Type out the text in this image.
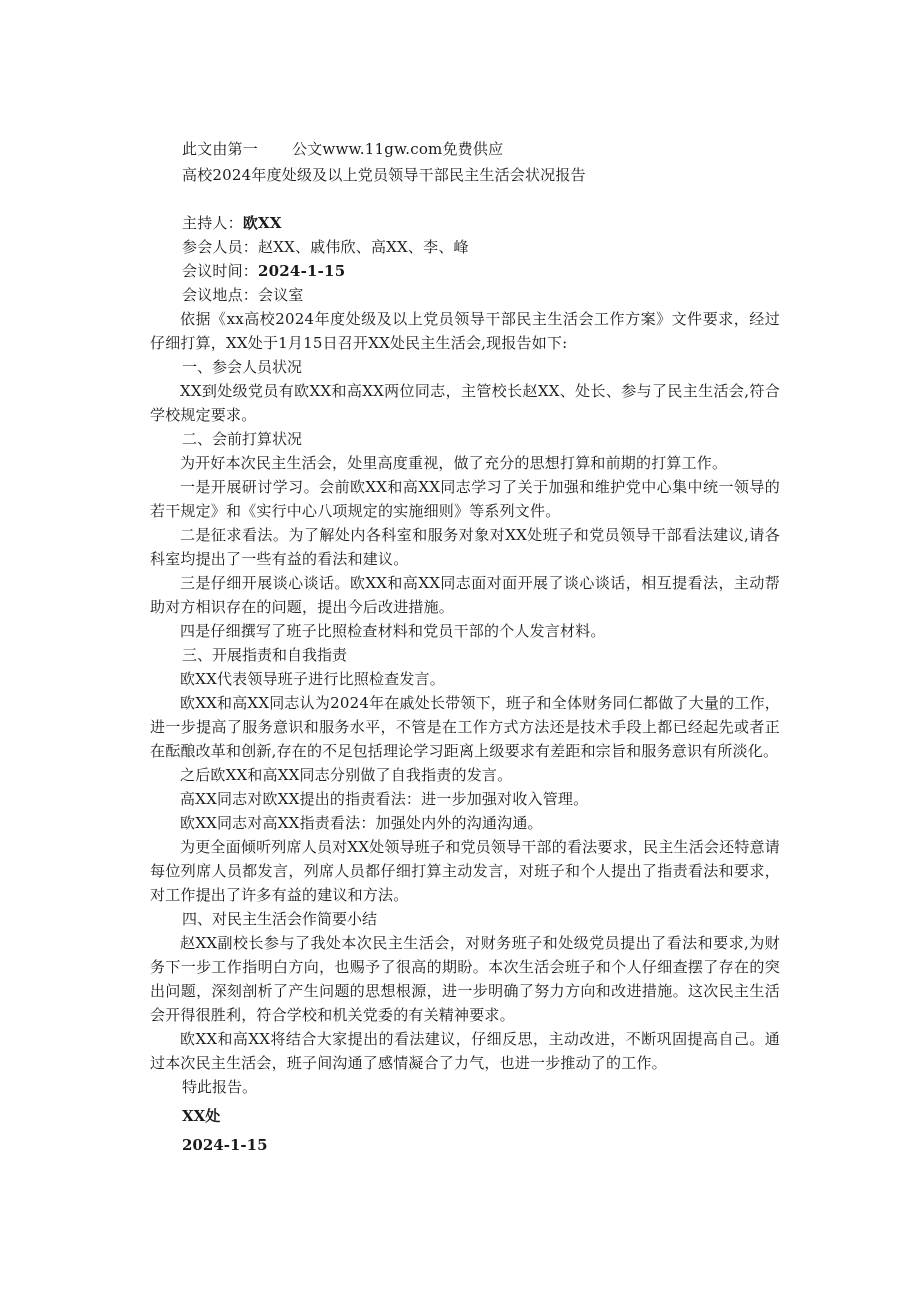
此文由第一 公文www.11gw.com免费供应
高校2024年度处级及以上党员领导干部民主生活会状况报告
主持人：欧XX
参会人员：赵XX、戚伟欣、高XX、李、峰
会议时间：2024-1-15
会议地点：会议室
依据《xx高校2024年度处级及以上党员领导干部民主生活会工作方案》文件要求，经过仔细打算，XX处于1月15日召开XX处民主生活会,现报告如下:
一、参会人员状况
XX到处级党员有欧XX和高XX两位同志，主管校长赵XX、处长、参与了民主生活会,符合学校规定要求。
二、会前打算状况
为开好本次民主生活会，处里高度重视，做了充分的思想打算和前期的打算工作。
一是开展研讨学习。会前欧XX和高XX同志学习了关于加强和维护党中心集中统一领导的若干规定》和《实行中心八项规定的实施细则》等系列文件。
二是征求看法。为了解处内各科室和服务对象对XX处班子和党员领导干部看法建议,请各科室均提出了一些有益的看法和建议。
三是仔细开展谈心谈话。欧XX和高XX同志面对面开展了谈心谈话，相互提看法，主动帮助对方相识存在的问题，提出今后改进措施。
四是仔细撰写了班子比照检查材料和党员干部的个人发言材料。
三、开展指责和自我指责
欧XX代表领导班子进行比照检查发言。
欧XX和高XX同志认为2024年在戚处长带领下，班子和全体财务同仁都做了大量的工作，进一步提高了服务意识和服务水平，不管是在工作方式方法还是技术手段上都已经起先或者正在酝酿改革和创新,存在的不足包括理论学习距离上级要求有差距和宗旨和服务意识有所淡化。
之后欧XX和高XX同志分别做了自我指责的发言。
高XX同志对欧XX提出的指责看法：进一步加强对收入管理。
欧XX同志对高XX指责看法：加强处内外的沟通沟通。
为更全面倾听列席人员对XX处领导班子和党员领导干部的看法要求，民主生活会还特意请每位列席人员都发言，列席人员都仔细打算主动发言，对班子和个人提出了指责看法和要求，对工作提出了许多有益的建议和方法。
四、对民主生活会作简要小结
赵XX副校长参与了我处本次民主生活会，对财务班子和处级党员提出了看法和要求,为财务下一步工作指明白方向，也赐予了很高的期盼。本次生活会班子和个人仔细查摆了存在的突出问题，深刻剖析了产生问题的思想根源，进一步明确了努力方向和改进措施。这次民主生活会开得很胜利，符合学校和机关党委的有关精神要求。
欧XX和高XX将结合大家提出的看法建议，仔细反思，主动改进，不断巩固提高自己。通过本次民主生活会，班子间沟通了感情凝合了力气，也进一步推动了的工作。
特此报告。
XX处
2024-1-15
